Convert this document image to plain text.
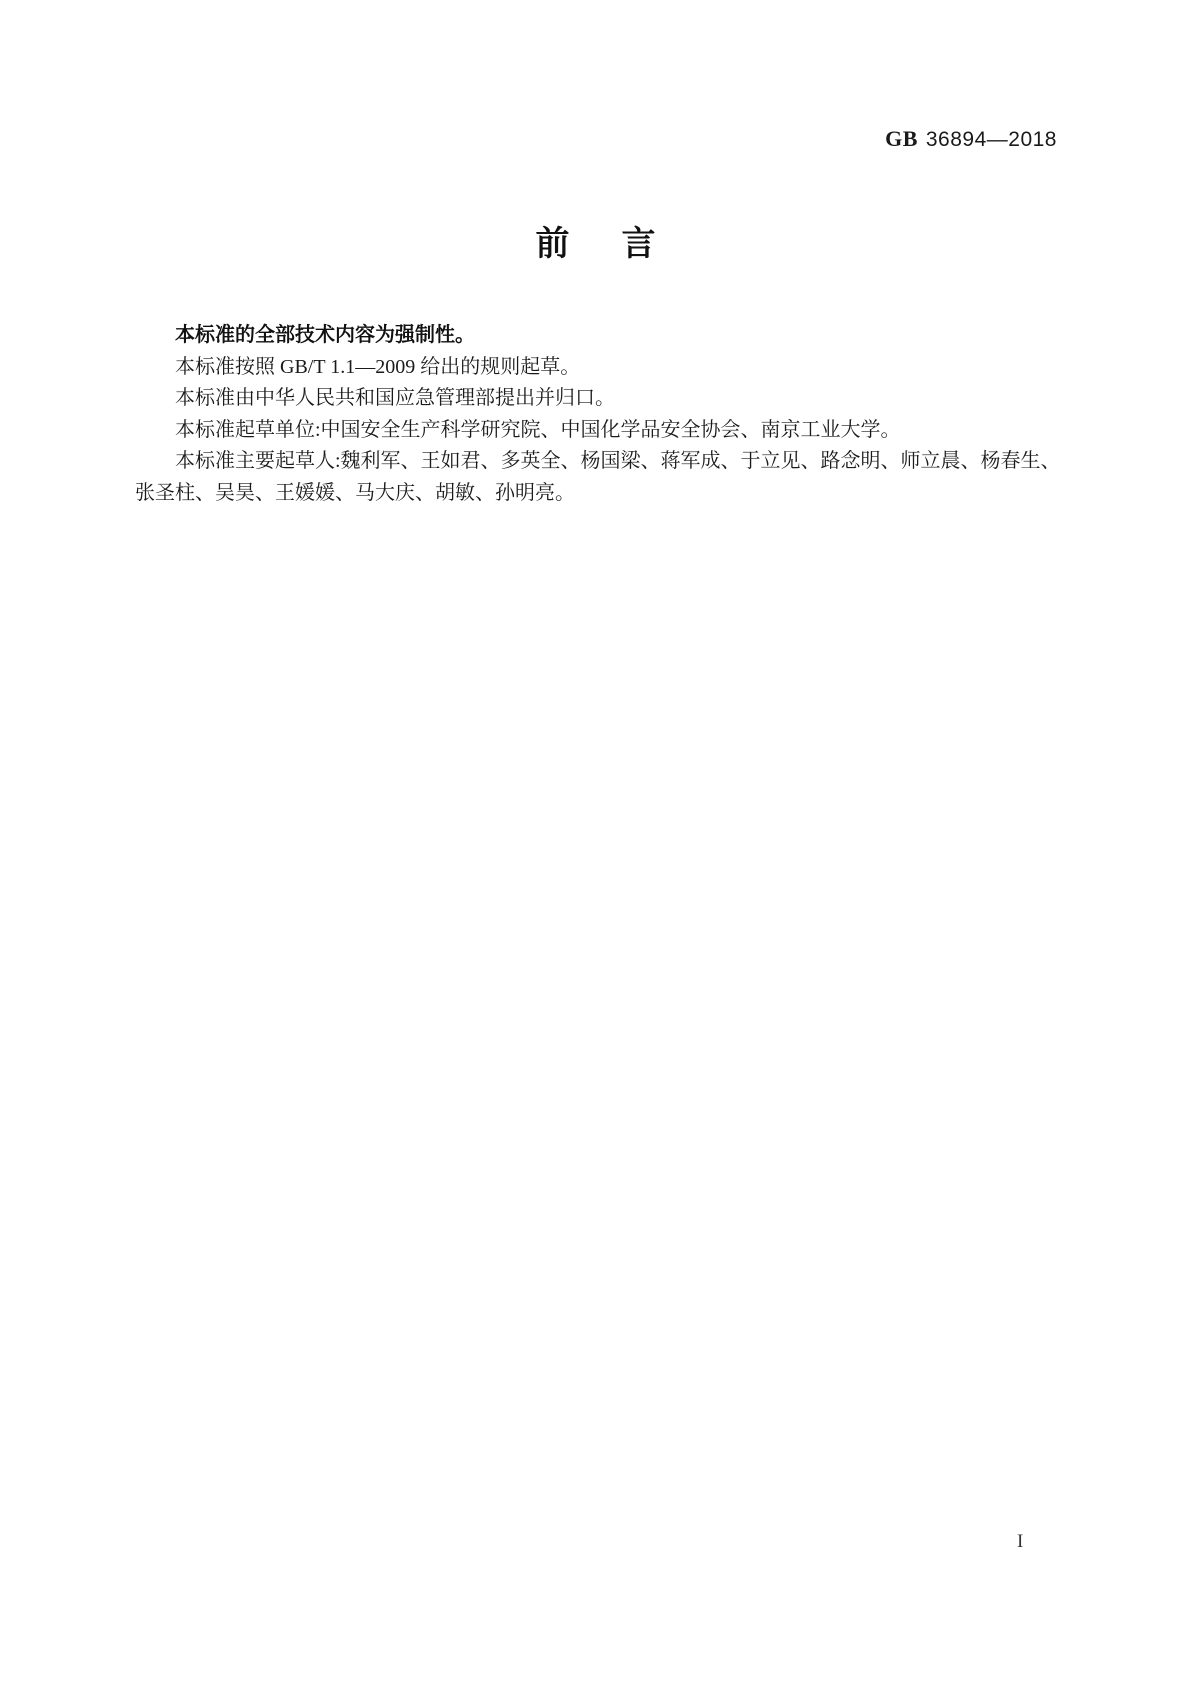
GB 36894—2018
前 言

本标准的全部技术内容为强制性。

本标准按照 GB/T 1.1—2009 给出的规则起草。

本标准由中华人民共和国应急管理部提出并归口。

本标准起草单位:中国安全生产科学研究院、中国化学品安全协会、南京工业大学。

本标准主要起草人:魏利军、王如君、多英全、杨国梁、蒋军成、于立见、路念明、师立晨、杨春生、

张圣柱、吴昊、王媛媛、马大庆、胡敏、孙明亮。

I
